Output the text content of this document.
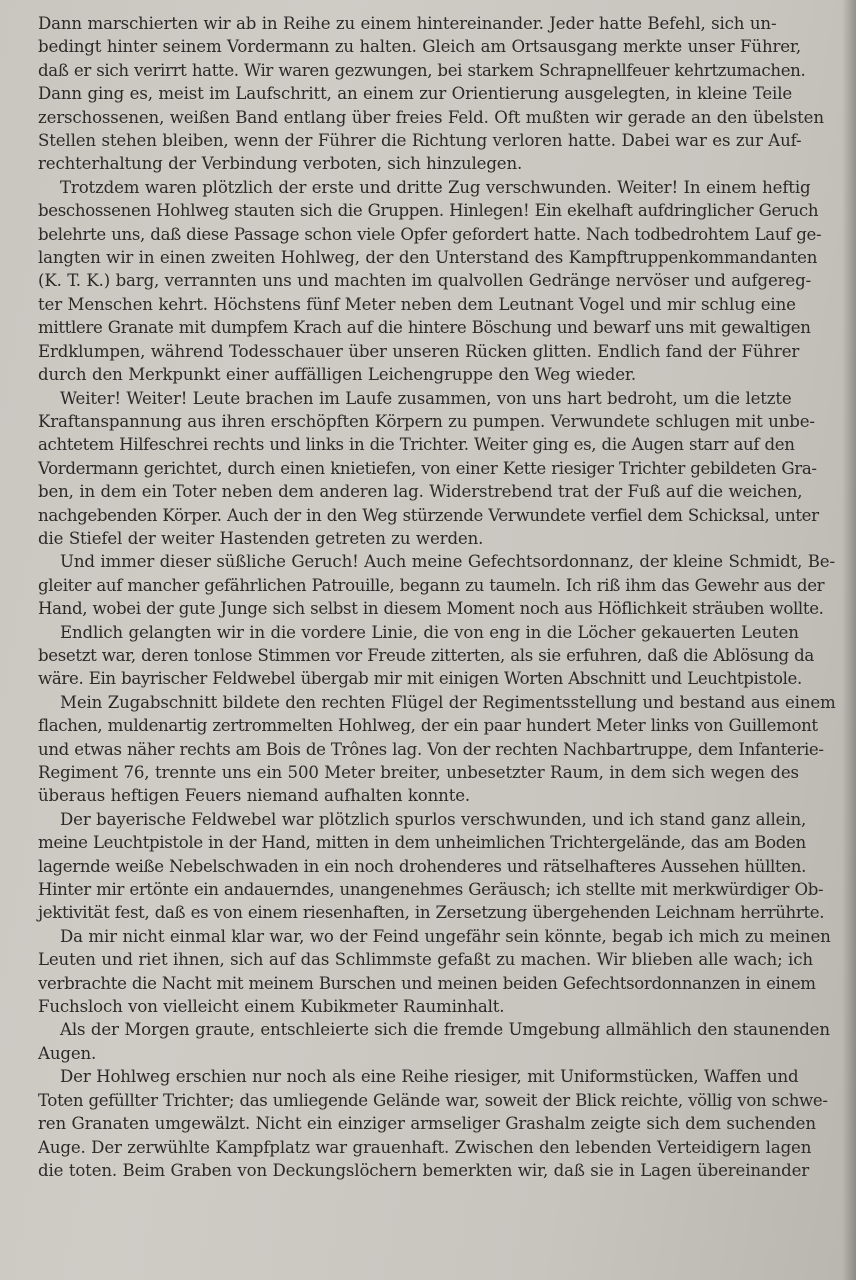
Dann marschierten wir ab in Reihe zu einem hintereinander. Jeder hatte Befehl, sich un-
bedingt hinter seinem Vordermann zu halten. Gleich am Ortsausgang merkte unser Führer,
daß er sich verirrt hatte. Wir waren gezwungen, bei starkem Schrapnellfeuer kehrtzumachen.
Dann ging es, meist im Laufschritt, an einem zur Orientierung ausgelegten, in kleine Teile
zerschossenen, weißen Band entlang über freies Feld. Oft mußten wir gerade an den übelsten
Stellen stehen bleiben, wenn der Führer die Richtung verloren hatte. Dabei war es zur Auf-
rechterhaltung der Verbindung verboten, sich hinzulegen.
Trotzdem waren plötzlich der erste und dritte Zug verschwunden. Weiter! In einem heftig
beschossenen Hohlweg stauten sich die Gruppen. Hinlegen! Ein ekelhaft aufdringlicher Geruch
belehrte uns, daß diese Passage schon viele Opfer gefordert hatte. Nach todbedrohtem Lauf ge-
langten wir in einen zweiten Hohlweg, der den Unterstand des Kampftruppenkommandanten
(K. T. K.) barg, verrannten uns und machten im qualvollen Gedränge nervöser und aufgereg-
ter Menschen kehrt. Höchstens fünf Meter neben dem Leutnant Vogel und mir schlug eine
mittlere Granate mit dumpfem Krach auf die hintere Böschung und bewarf uns mit gewaltigen
Erdklumpen, während Todesschauer über unseren Rücken glitten. Endlich fand der Führer
durch den Merkpunkt einer auffälligen Leichengruppe den Weg wieder.
Weiter! Weiter! Leute brachen im Laufe zusammen, von uns hart bedroht, um die letzte
Kraftanspannung aus ihren erschöpften Körpern zu pumpen. Verwundete schlugen mit unbe-
achtetem Hilfeschrei rechts und links in die Trichter. Weiter ging es, die Augen starr auf den
Vordermann gerichtet, durch einen knietiefen, von einer Kette riesiger Trichter gebildeten Gra-
ben, in dem ein Toter neben dem anderen lag. Widerstrebend trat der Fuß auf die weichen,
nachgebenden Körper. Auch der in den Weg stürzende Verwundete verfiel dem Schicksal, unter
die Stiefel der weiter Hastenden getreten zu werden.
Und immer dieser süßliche Geruch! Auch meine Gefechtsordonnanz, der kleine Schmidt, Be-
gleiter auf mancher gefährlichen Patrouille, begann zu taumeln. Ich riß ihm das Gewehr aus der
Hand, wobei der gute Junge sich selbst in diesem Moment noch aus Höflichkeit sträuben wollte.
Endlich gelangten wir in die vordere Linie, die von eng in die Löcher gekauerten Leuten
besetzt war, deren tonlose Stimmen vor Freude zitterten, als sie erfuhren, daß die Ablösung da
wäre. Ein bayrischer Feldwebel übergab mir mit einigen Worten Abschnitt und Leuchtpistole.
Mein Zugabschnitt bildete den rechten Flügel der Regimentsstellung und bestand aus einem
flachen, muldenartig zertrommelten Hohlweg, der ein paar hundert Meter links von Guillemont
und etwas näher rechts am Bois de Trônes lag. Von der rechten Nachbartruppe, dem Infanterie-
Regiment 76, trennte uns ein 500 Meter breiter, unbesetzter Raum, in dem sich wegen des
überaus heftigen Feuers niemand aufhalten konnte.
Der bayerische Feldwebel war plötzlich spurlos verschwunden, und ich stand ganz allein,
meine Leuchtpistole in der Hand, mitten in dem unheimlichen Trichtergelände, das am Boden
lagernde weiße Nebelschwaden in ein noch drohenderes und rätselhafteres Aussehen hüllten.
Hinter mir ertönte ein andauerndes, unangenehmes Geräusch; ich stellte mit merkwürdiger Ob-
jektivität fest, daß es von einem riesenhaften, in Zersetzung übergehenden Leichnam herrührte.
Da mir nicht einmal klar war, wo der Feind ungefähr sein könnte, begab ich mich zu meinen
Leuten und riet ihnen, sich auf das Schlimmste gefaßt zu machen. Wir blieben alle wach; ich
verbrachte die Nacht mit meinem Burschen und meinen beiden Gefechtsordonnanzen in einem
Fuchsloch von vielleicht einem Kubikmeter Rauminhalt.
Als der Morgen graute, entschleierte sich die fremde Umgebung allmählich den staunenden
Augen.
Der Hohlweg erschien nur noch als eine Reihe riesiger, mit Uniformstücken, Waffen und
Toten gefüllter Trichter; das umliegende Gelände war, soweit der Blick reichte, völlig von schwe-
ren Granaten umgewälzt. Nicht ein einziger armseliger Grashalm zeigte sich dem suchenden
Auge. Der zerwühlte Kampfplatz war grauenhaft. Zwischen den lebenden Verteidigern lagen
die toten. Beim Graben von Deckungslöchern bemerkten wir, daß sie in Lagen übereinander
